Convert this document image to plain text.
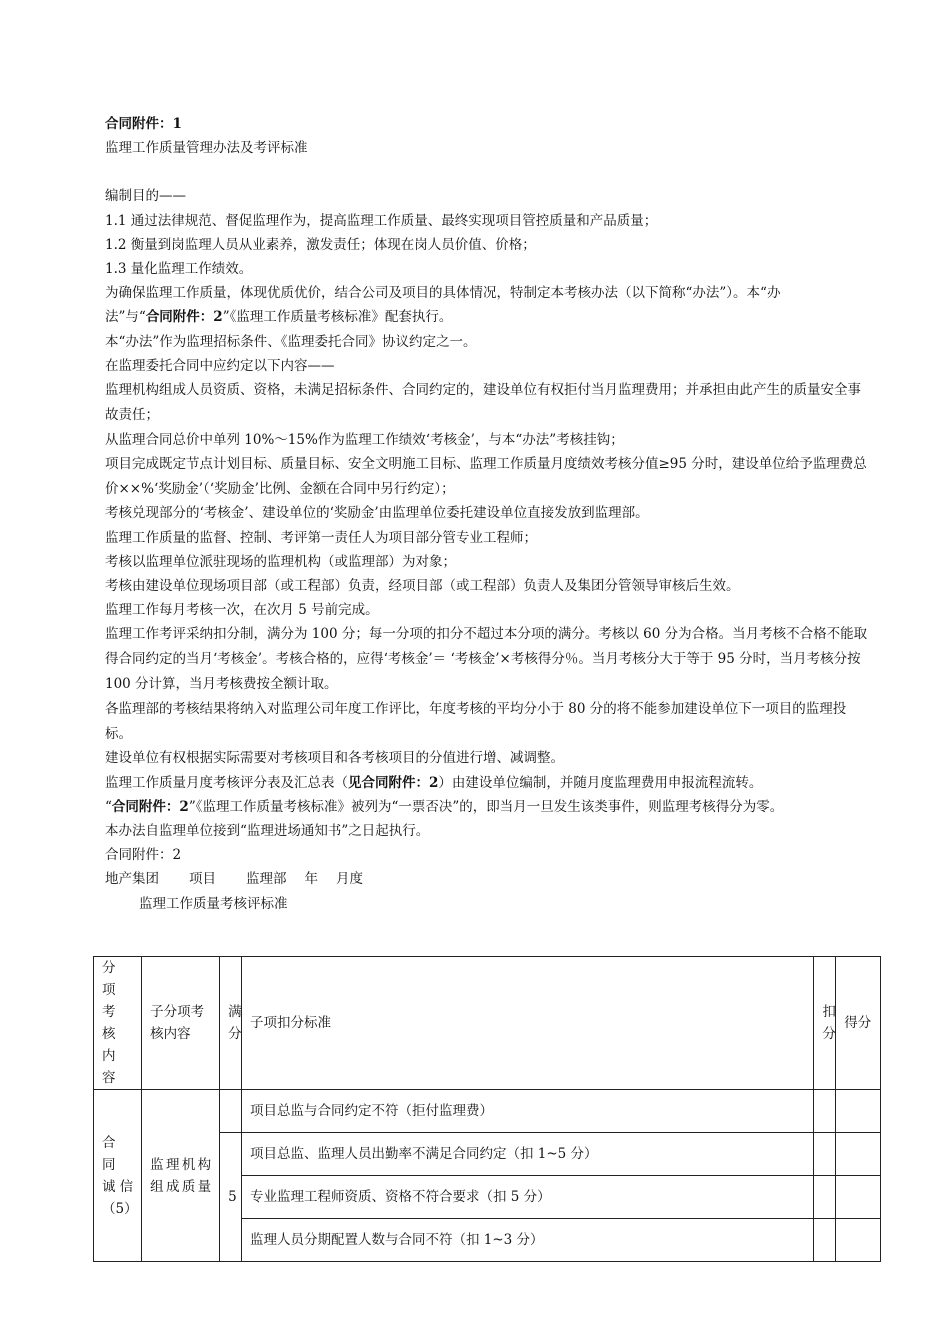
合同附件：1
监理工作质量管理办法及考评标准
编制目的——
1.1 通过法律规范、督促监理作为，提高监理工作质量、最终实现项目管控质量和产品质量；
1.2 衡量到岗监理人员从业素养，激发责任；体现在岗人员价值、价格；
1.3 量化监理工作绩效。
为确保监理工作质量，体现优质优价，结合公司及项目的具体情况，特制定本考核办法（以下简称“办法”）。本“办
法”与“合同附件：2”《监理工作质量考核标准》配套执行。
本“办法”作为监理招标条件、《监理委托合同》协议约定之一。
在监理委托合同中应约定以下内容——
监理机构组成人员资质、资格，未满足招标条件、合同约定的，建设单位有权拒付当月监理费用；并承担由此产生的质量安全事故责任；
从监理合同总价中单列 10%～15%作为监理工作绩效‘考核金’，与本“办法”考核挂钩；
项目完成既定节点计划目标、质量目标、安全文明施工目标、监理工作质量月度绩效考核分值≥95 分时，建设单位给予监理费总价××%‘奖励金’（‘奖励金’比例、金额在合同中另行约定）；
考核兑现部分的‘考核金’、建设单位的‘奖励金’由监理单位委托建设单位直接发放到监理部。
监理工作质量的监督、控制、考评第一责任人为项目部分管专业工程师；
考核以监理单位派驻现场的监理机构（或监理部）为对象；
考核由建设单位现场项目部（或工程部）负责，经项目部（或工程部）负责人及集团分管领导审核后生效。
监理工作每月考核一次，在次月 5 号前完成。
监理工作考评采纳扣分制，满分为 100 分；每一分项的扣分不超过本分项的满分。考核以 60 分为合格。当月考核不合格不能取得合同约定的当月‘考核金’。考核合格的，应得‘考核金’＝ ‘考核金’×考核得分％。当月考核分大于等于 95 分时，当月考核分按 100 分计算，当月考核费按全额计取。
各监理部的考核结果将纳入对监理公司年度工作评比，年度考核的平均分小于 80 分的将不能参加建设单位下一项目的监理投标。
建设单位有权根据实际需要对考核项目和各考核项目的分值进行增、减调整。
监理工作质量月度考核评分表及汇总表（见合同附件：2）由建设单位编制，并随月度监理费用申报流程流转。
“合同附件：2”《监理工作质量考核标准》被列为“一票否决”的，即当月一旦发生该类事件，则监理考核得分为零。
本办法自监理单位接到“监理进场通知书”之日起执行。
合同附件：2
地产集团 项目 监理部 年 月度
监理工作质量考核评标准
分 项 考 核 内 容	子分项考核内容	满分	子项扣分标准	扣分	得分
合 同 诚信（5）	监理机构组成质量		项目总监与合同约定不符（拒付监理费）		
		5	项目总监、监理人员出勤率不满足合同约定（扣 1~5 分）		
			专业监理工程师资质、资格不符合要求（扣 5 分）		
			监理人员分期配置人数与合同不符（扣 1~3 分）		
